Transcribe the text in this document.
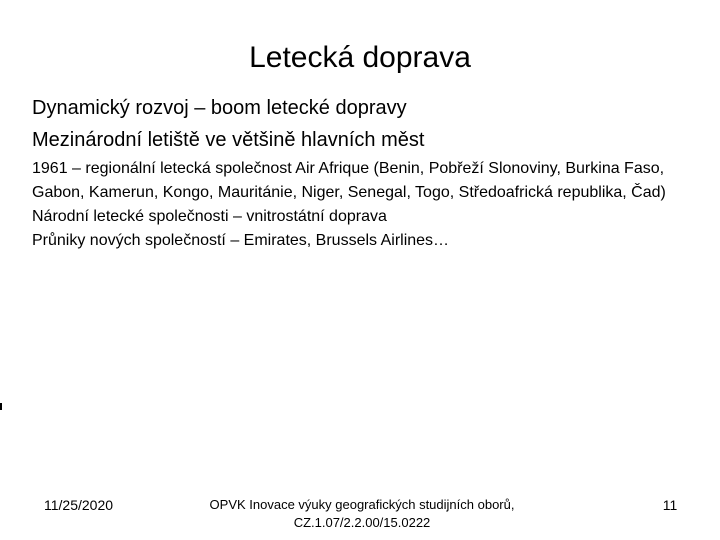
Letecká doprava
Dynamický rozvoj – boom letecké dopravy
Mezinárodní letiště ve většině hlavních měst
1961 – regionální letecká společnost Air Afrique (Benin, Pobřeží Slonoviny, Burkina Faso, Gabon, Kamerun, Kongo, Mauritánie, Niger, Senegal, Togo, Středoafrická republika, Čad)
Národní letecké společnosti – vnitrostátní doprava
Průniky nových společností – Emirates, Brussels Airlines…
11/25/2020	OPVK Inovace výuky geografických studijních oborů, CZ.1.07/2.2.00/15.0222
11
